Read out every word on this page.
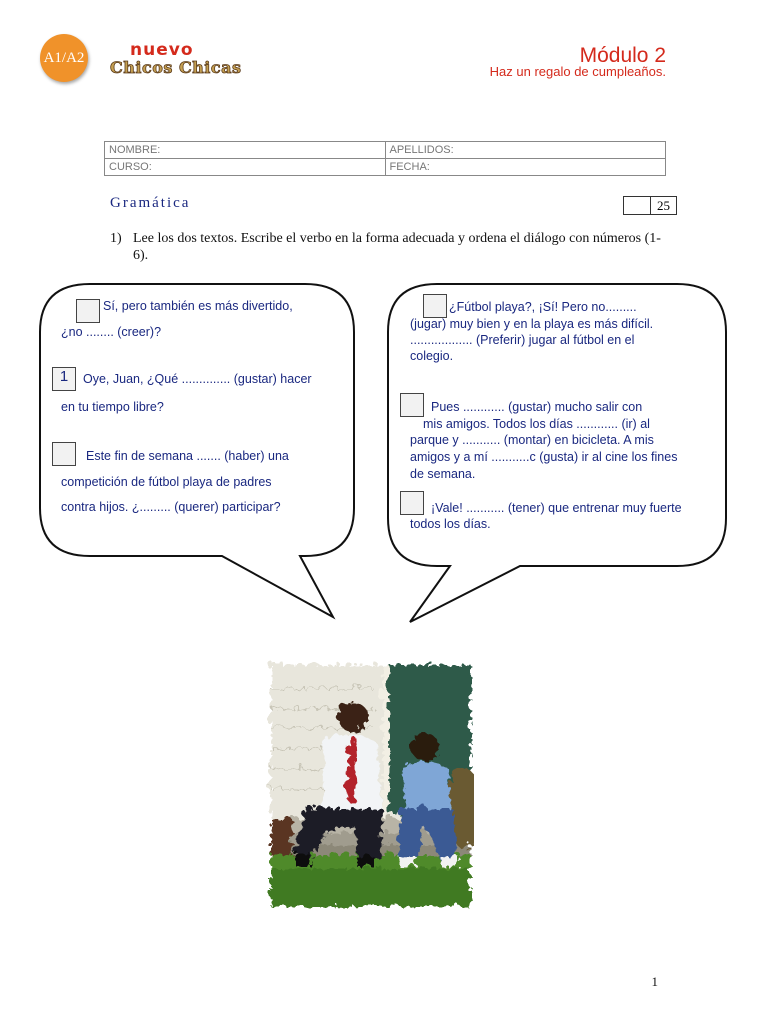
A1/A2	nuevo
Chicos Chicas
Módulo 2
Haz un regalo de cumpleaños.
NOMBRE:	APELLIDOS:
CURSO:	FECHA:
Gramática	25
1) Lee los dos textos. Escribe el verbo en la forma adecuada y ordena el diálogo con números (1-6).
Sí, pero también es más divertido,
¿no ........ (creer)?
1	Oye, Juan, ¿Qué .............. (gustar) hacer
en tu tiempo libre?
Este fin de semana ....... (haber) una
competición de fútbol playa de padres
contra hijos. ¿......... (querer) participar?
¿Fútbol playa?, ¡Sí! Pero no.........
(jugar) muy bien y en la playa es más difícil.
.................. (Preferir) jugar al fútbol en el
colegio.
Pues ............ (gustar) mucho salir con
mis amigos. Todos los días ............ (ir) al
parque y ........... (montar) en bicicleta. A mis
amigos y a mí ...........c (gusta) ir al cine los fines
de semana.
¡Vale! ........... (tener) que entrenar muy fuerte
todos los días.
1
